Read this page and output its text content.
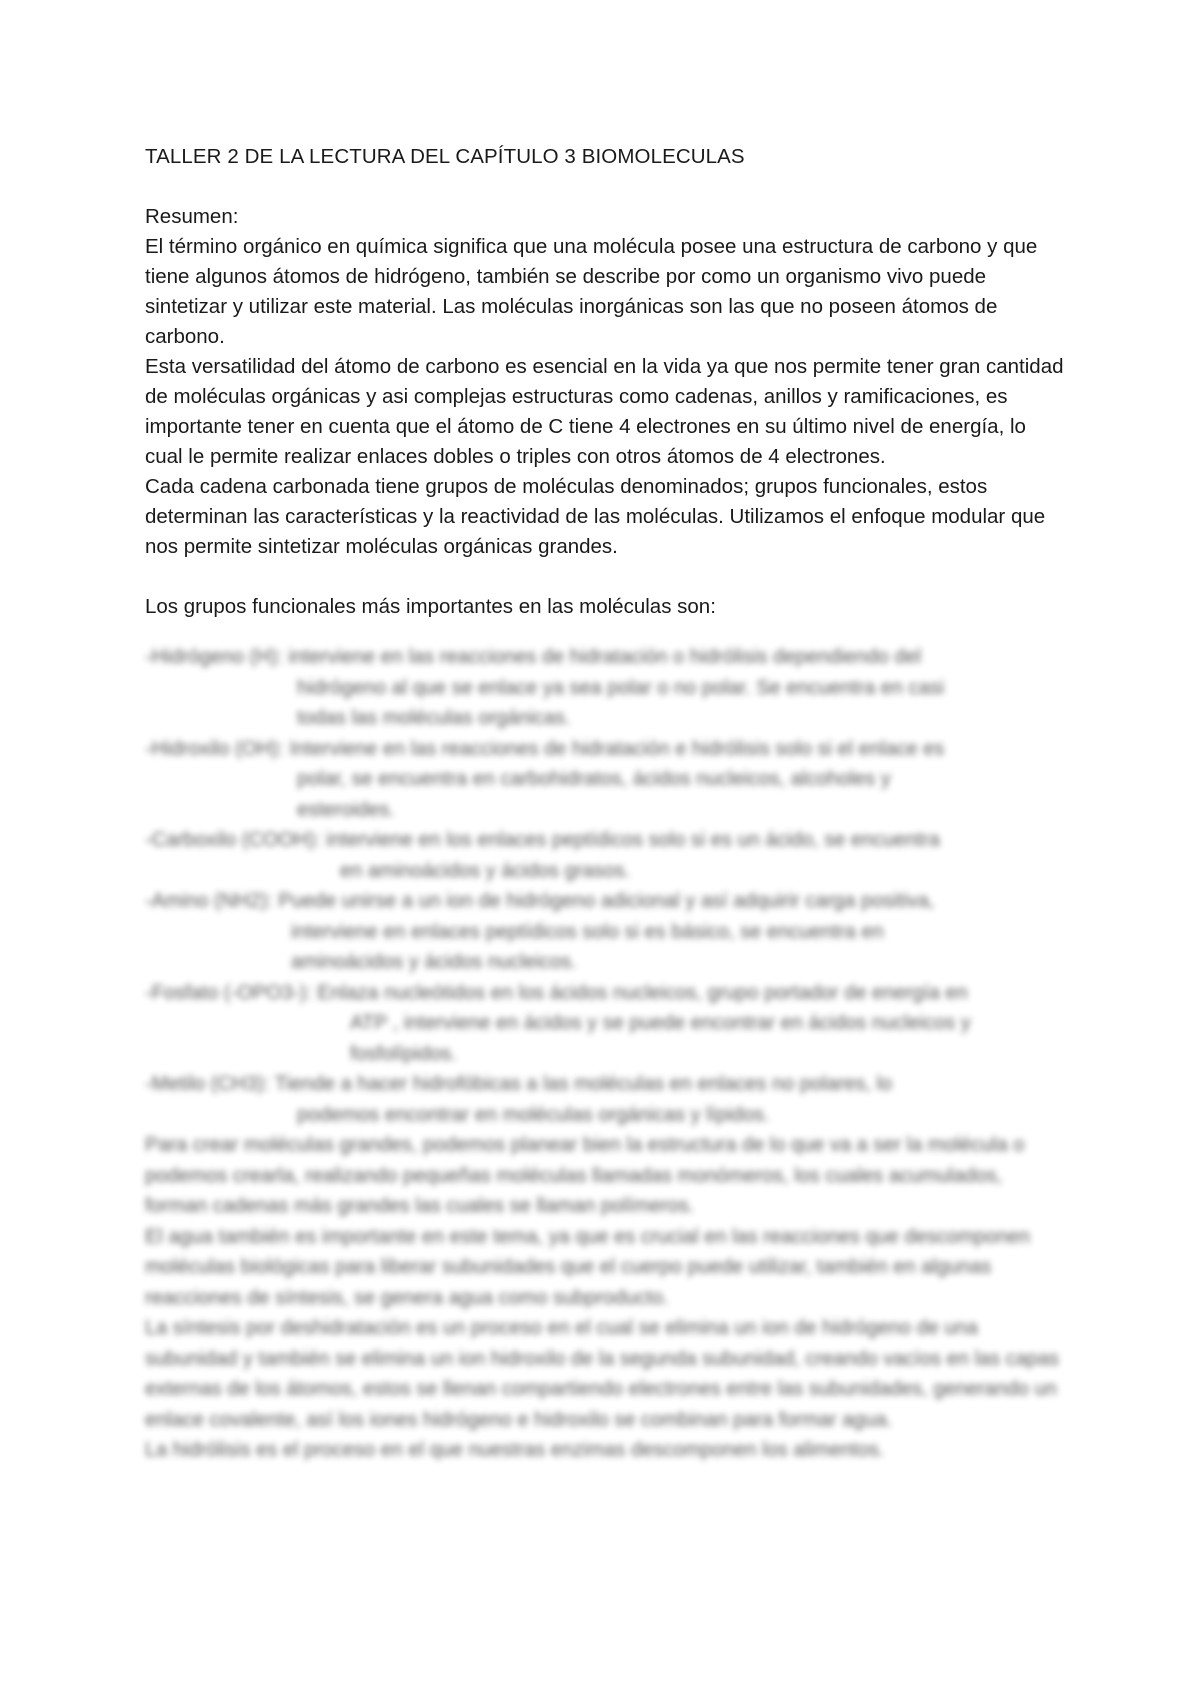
TALLER 2 DE LA LECTURA DEL CAPÍTULO 3 BIOMOLECULAS

Resumen:

El término orgánico en química significa que una molécula posee una estructura de carbono y que tiene algunos átomos de hidrógeno, también se describe por como un organismo vivo puede sintetizar y utilizar este material. Las moléculas inorgánicas son las que no poseen átomos de carbono.

Esta versatilidad del átomo de carbono es esencial en la vida ya que nos permite tener gran cantidad de moléculas orgánicas y asi complejas estructuras como cadenas, anillos y ramificaciones, es importante tener en cuenta que el átomo de C tiene 4 electrones en su último nivel de energía, lo cual le permite realizar enlaces dobles o triples con otros átomos de 4 electrones.

Cada cadena carbonada tiene grupos de moléculas denominados; grupos funcionales, estos determinan las características y la reactividad de las moléculas. Utilizamos el enfoque modular que nos permite sintetizar moléculas orgánicas grandes.

Los grupos funcionales más importantes en las moléculas son:

-Hidrógeno (H): interviene en las reacciones de hidratación o hidrólisis dependiendo del

hidrógeno al que se enlace ya sea polar o no polar. Se encuentra en casi

todas las moléculas orgánicas.

-Hidroxilo (OH): Interviene en las reacciones de hidratación e hidrólisis solo si el enlace es

polar, se encuentra en carbohidratos, ácidos nucleicos, alcoholes y

esteroides.

-Carboxilo (COOH): interviene en los enlaces peptídicos solo si es un ácido, se encuentra

en aminoácidos y ácidos grasos.

-Amino (NH2): Puede unirse a un ion de hidrógeno adicional y así adquirir carga positiva,

interviene en enlaces peptídicos solo si es básico, se encuentra en

aminoácidos y ácidos nucleicos.

-Fosfato (-OPO3-): Enlaza nucleótidos en los ácidos nucleicos, grupo portador de energía en

ATP , interviene en ácidos y se puede encontrar en ácidos nucleicos y

fosfolípidos.

-Metilo (CH3): Tiende a hacer hidrofóbicas a las moléculas en enlaces no polares, lo

podemos encontrar en moléculas orgánicas y lípidos.

Para crear moléculas grandes, podemos planear bien la estructura de lo que va a ser la molécula o podemos crearla, realizando pequeñas moléculas llamadas monómeros, los cuales acumulados, forman cadenas más grandes las cuales se llaman polímeros.

El agua también es importante en este tema, ya que es crucial en las reacciones que descomponen moléculas biológicas para liberar subunidades que el cuerpo puede utilizar, también en algunas reacciones de síntesis, se genera agua como subproducto.

La síntesis por deshidratación es un proceso en el cual se elimina un ion de hidrógeno de una subunidad y también se elimina un ion hidroxilo de la segunda subunidad, creando vacíos en las capas externas de los átomos, estos se llenan compartiendo electrones entre las subunidades, generando un enlace covalente, así los iones hidrógeno e hidroxilo se combinan para formar agua.

La hidrólisis es el proceso en el que nuestras enzimas descomponen los alimentos.
